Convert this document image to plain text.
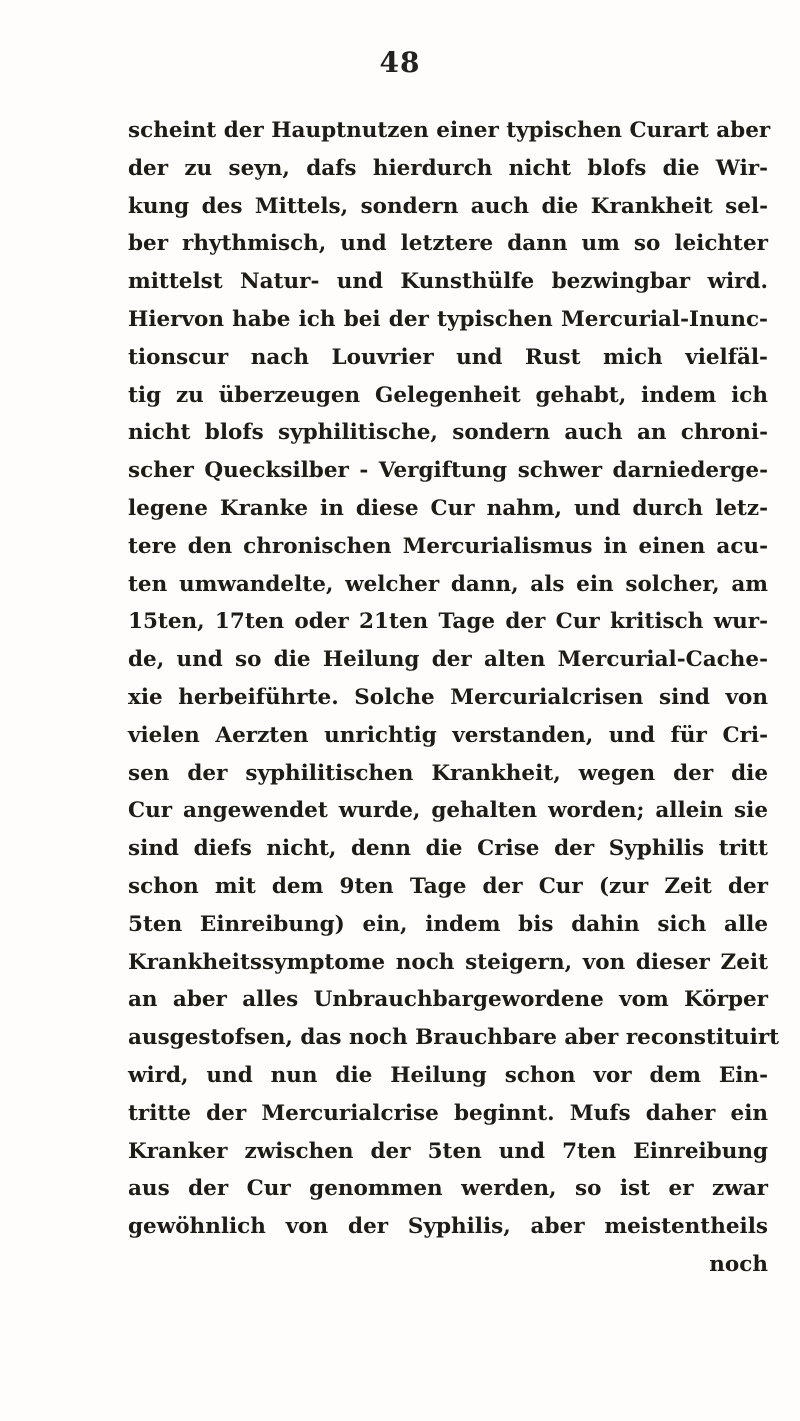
48
scheint der Hauptnutzen einer typischen Curart aber
der zu seyn, dafs hierdurch nicht blofs die Wir-
kung des Mittels, sondern auch die Krankheit sel-
ber rhythmisch, und letztere dann um so leichter
mittelst Natur- und Kunsthülfe bezwingbar wird.
Hiervon habe ich bei der typischen Mercurial-Inunc-
tionscur nach Louvrier und Rust mich vielfäl-
tig zu überzeugen Gelegenheit gehabt, indem ich
nicht blofs syphilitische, sondern auch an chroni-
scher Quecksilber - Vergiftung schwer darniederge-
legene Kranke in diese Cur nahm, und durch letz-
tere den chronischen Mercurialismus in einen acu-
ten umwandelte, welcher dann, als ein solcher, am
15ten, 17ten oder 21ten Tage der Cur kritisch wur-
de, und so die Heilung der alten Mercurial-Cache-
xie herbeiführte. Solche Mercurialcrisen sind von
vielen Aerzten unrichtig verstanden, und für Cri-
sen der syphilitischen Krankheit, wegen der die
Cur angewendet wurde, gehalten worden; allein sie
sind diefs nicht, denn die Crise der Syphilis tritt
schon mit dem 9ten Tage der Cur (zur Zeit der
5ten Einreibung) ein, indem bis dahin sich alle
Krankheitssymptome noch steigern, von dieser Zeit
an aber alles Unbrauchbargewordene vom Körper
ausgestofsen, das noch Brauchbare aber reconstituirt
wird, und nun die Heilung schon vor dem Ein-
tritte der Mercurialcrise beginnt. Mufs daher ein
Kranker zwischen der 5ten und 7ten Einreibung
aus der Cur genommen werden, so ist er zwar
gewöhnlich von der Syphilis, aber meistentheils
noch
